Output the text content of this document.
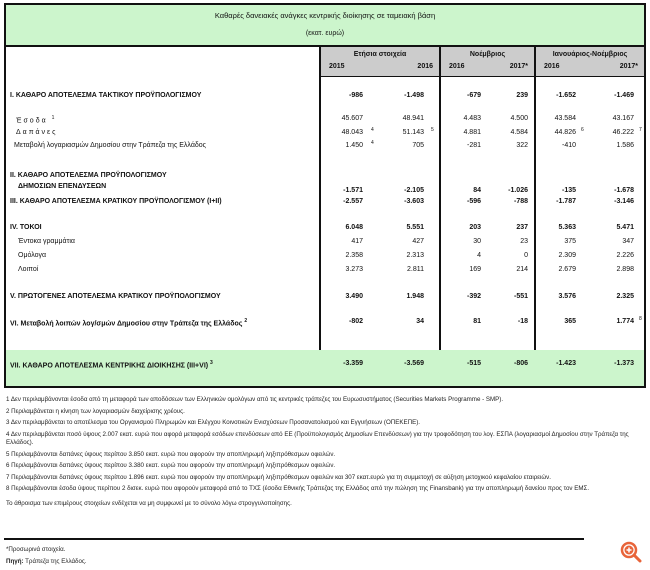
Καθαρές δανειακές ανάγκες κεντρικής διοίκησης σε ταμειακή βάση
(εκατ. ευρώ)
Ετήσια στοιχεία
2015	2016
Νοέμβριος
2016	2017*
Ιανουάριος-Νοέμβριος
2016	2017*
I. ΚΑΘΑΡΟ ΑΠΟΤΕΛΕΣΜΑ ΤΑΚΤΙΚΟΥ ΠΡΟΫΠΟΛΟΓΙΣΜΟΥ	-986	-1.498	-679	239	-1.652	-1.469
Έσοδα $^1$	45.607	48.941	4.483	4.500	43.584	43.167
Δαπάνες	48.043	51.143	4.881	4.584	44.826	46.222
4	5	6	7
Μεταβολή λογαριασμών Δημοσίου στην Τράπεζα της Ελλάδος	1.450	705	-281	322	-410	1.586
4
II. ΚΑΘΑΡΟ ΑΠΟΤΕΛΕΣΜΑ ΠΡΟΫΠΟΛΟΓΙΣΜΟΥ
ΔΗΜΟΣΙΩΝ ΕΠΕΝΔΥΣΕΩΝ
-1.571	-2.105	84	-1.026	-135	-1.678
III. ΚΑΘΑΡΟ ΑΠΟΤΕΛΕΣΜΑ ΚΡΑΤΙΚΟΥ ΠΡΟΫΠΟΛΟΓΙΣΜΟΥ (I+II)	-2.557	-3.603	-596	-788	-1.787	-3.146
IV. ΤΟΚΟΙ	6.048	5.551	203	237	5.363	5.471
Έντοκα γραμμάτια	417	427	30	23	375	347
Ομόλογα	2.358	2.313	4	0	2.309	2.226
Λοιποί	3.273	2.811	169	214	2.679	2.898
V. ΠΡΩΤΟΓΕΝΕΣ ΑΠΟΤΕΛΕΣΜΑ ΚΡΑΤΙΚΟΥ ΠΡΟΫΠΟΛΟΓΙΣΜΟΥ	3.490	1.948	-392	-551	3.576	2.325
VI. Μεταβολή λοιπών λογ/σμών Δημοσίου στην Τράπεζα της Ελλάδος $^2$	-802	34	81	-18	365	1.774 8
VII. ΚΑΘΑΡΟ ΑΠΟΤΕΛΕΣΜΑ ΚΕΝΤΡΙΚΗΣ ΔΙΟΙΚΗΣΗΣ (III+VI) $^3$	-3.359	-3.569	-515	-806	-1.423	-1.373

1 Δεν περιλαμβάνονται έσοδα από τη μεταφορά των αποδόσεων των Ελληνικών ομολόγων από τις κεντρικές τράπεζες του Ευρωσυστήματος (Securities Markets Programme - SMP).

2 Περιλαμβάνεται η κίνηση των λογαριασμών διαχείρισης χρέους.

3 Δεν περιλαμβάνεται το αποτέλεσμα του Οργανισμού Πληρωμών και Ελέγχου Κοινοτικών Ενισχύσεων Προσανατολισμού και Εγγυήσεων (ΟΠΕΚΕΠΕ).

4 Δεν περιλαμβάνεται ποσό ύψους 2.007 εκατ. ευρώ που αφορά μεταφορά εσόδων επενδύσεων από ΕΕ (Προϋπολογισμός Δημοσίων Επενδύσεων) για την τροφοδότηση του λογ. ΕΣΠΑ (λογαριασμοί Δημοσίου στην Τράπεζα της Ελλάδος).

5 Περιλαμβάνονται δαπάνες ύψους περίπου 3.850 εκατ. ευρώ που αφορούν την αποπληρωμή ληξιπρόθεσμων οφειλών.

6 Περιλαμβάνονται δαπάνες ύψους περίπου 3.380 εκατ. ευρώ που αφορούν την αποπληρωμή ληξιπρόθεσμων οφειλών.

7 Περιλαμβάνονται δαπάνες ύψους περίπου 1.896 εκατ. ευρώ που αφορούν την αποπληρωμή ληξιπρόθεσμων οφειλών και 307 εκατ.ευρώ για τη συμμετοχή σε αύξηση μετοχικού κεφαλαίου εταιρειών.

8 Περιλαμβάνονται έσοδα ύψους περίπου 2 δισεκ. ευρώ που αφορούν μεταφορά από το ΤΧΣ (έσοδα Εθνικής Τράπεζας της Ελλάδος από την πώληση της Finansbank) για την αποπληρωμή δανείου προς τον ΕΜΣ.

Το άθροισμα των επιμέρους στοιχείων ενδέχεται να μη συμφωνεί με το σύνολο λόγω στρογγυλοποίησης.

*Προσωρινά στοιχεία.
Πηγή: Τράπεζα της Ελλάδος.
